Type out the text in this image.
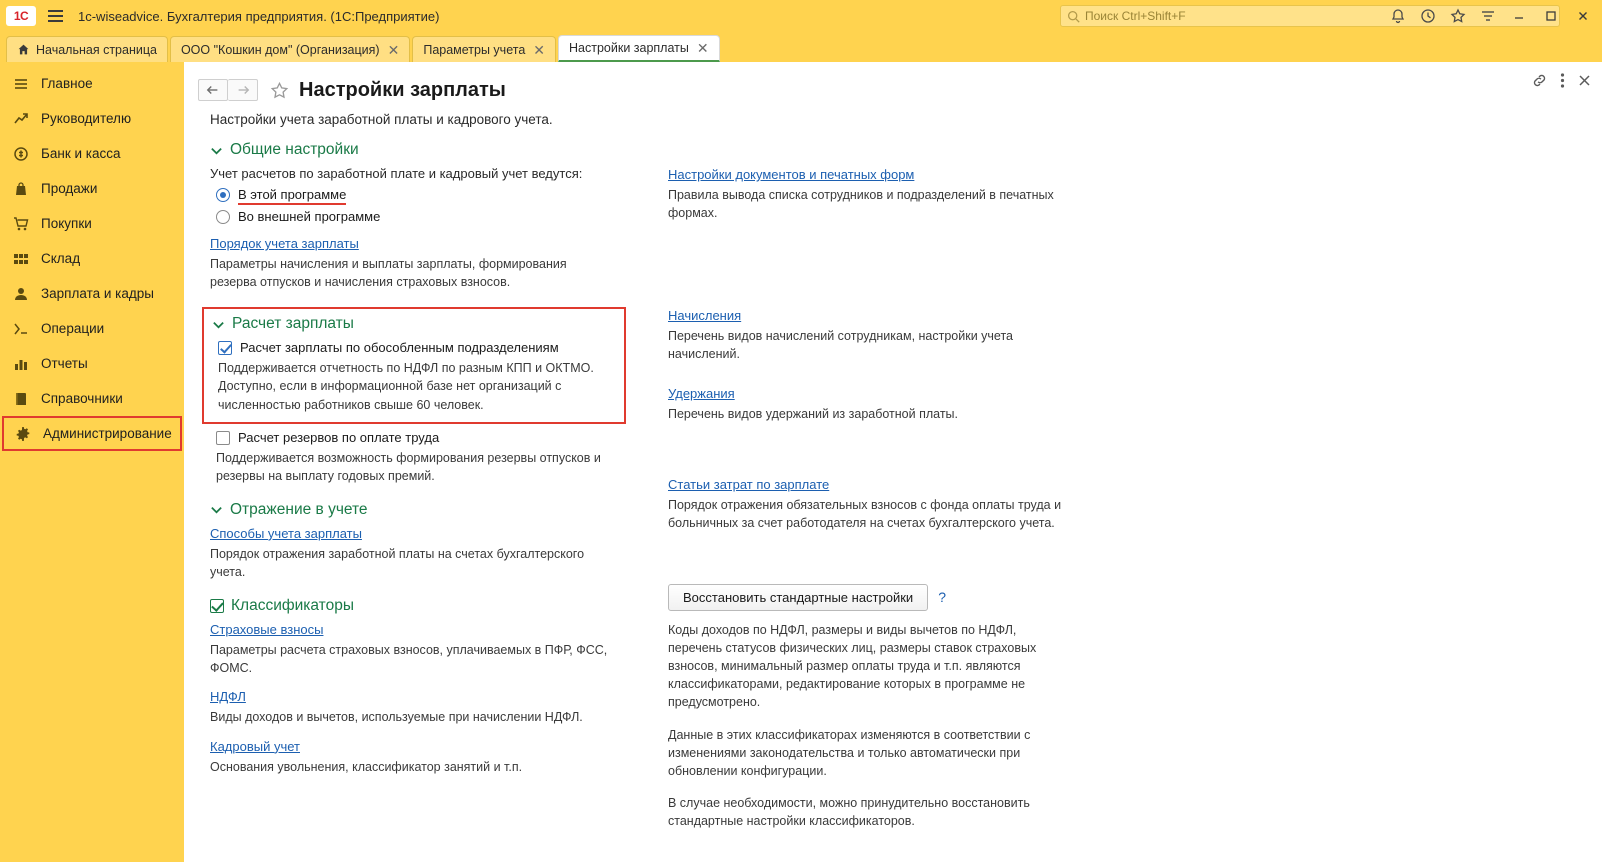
1C	1c-wiseadvice. Бухгалтерия предприятия. (1С:Предприятие)	Поиск Ctrl+Shift+F
Начальная страница ООО "Кошкин дом" (Организация) ✕ Параметры учета ✕ Настройки зарплаты ✕
Главное
Руководителю
Банк и касса
Продажи
Покупки
Склад
Зарплата и кадры
Операции
Отчеты
Справочники
Администрирование
Настройки зарплаты
Настройки учета заработной платы и кадрового учета.
Общие настройки
Учет расчетов по заработной плате и кадровый учет ведутся:
В этой программе
Во внешней программе
Порядок учета зарплаты
Параметры начисления и выплаты зарплаты, формирования резерва отпусков и начисления страховых взносов.
Расчет зарплаты
Расчет зарплаты по обособленным подразделениям
Поддерживается отчетность по НДФЛ по разным КПП и ОКТМО. Доступно, если в информационной базе нет организаций с численностью работников свыше 60 человек.
Расчет резервов по оплате труда
Поддерживается возможность формирования резервы отпусков и резервы на выплату годовых премий.
Отражение в учете
Способы учета зарплаты
Порядок отражения заработной платы на счетах бухгалтерского учета.
Классификаторы
Страховые взносы
Параметры расчета страховых взносов, уплачиваемых в ПФР, ФСС, ФОМС.
НДФЛ
Виды доходов и вычетов, используемые при начислении НДФЛ.
Кадровый учет
Основания увольнения, классификатор занятий и т.п.
Настройки документов и печатных форм
Правила вывода списка сотрудников и подразделений в печатных формах.
Начисления
Перечень видов начислений сотрудникам, настройки учета начислений.
Удержания
Перечень видов удержаний из заработной платы.
Статьи затрат по зарплате
Порядок отражения обязательных взносов с фонда оплаты труда и больничных за счет работодателя на счетах бухгалтерского учета.
Восстановить стандартные настройки	?
Коды доходов по НДФЛ, размеры и виды вычетов по НДФЛ, перечень статусов физических лиц, размеры ставок страховых взносов, минимальный размер оплаты труда и т.п. являются классификаторами, редактирование которых в программе не предусмотрено.
Данные в этих классификаторах изменяются в соответствии с изменениями законодательства и только автоматически при обновлении конфигурации.
В случае необходимости, можно принудительно восстановить стандартные настройки классификаторов.
